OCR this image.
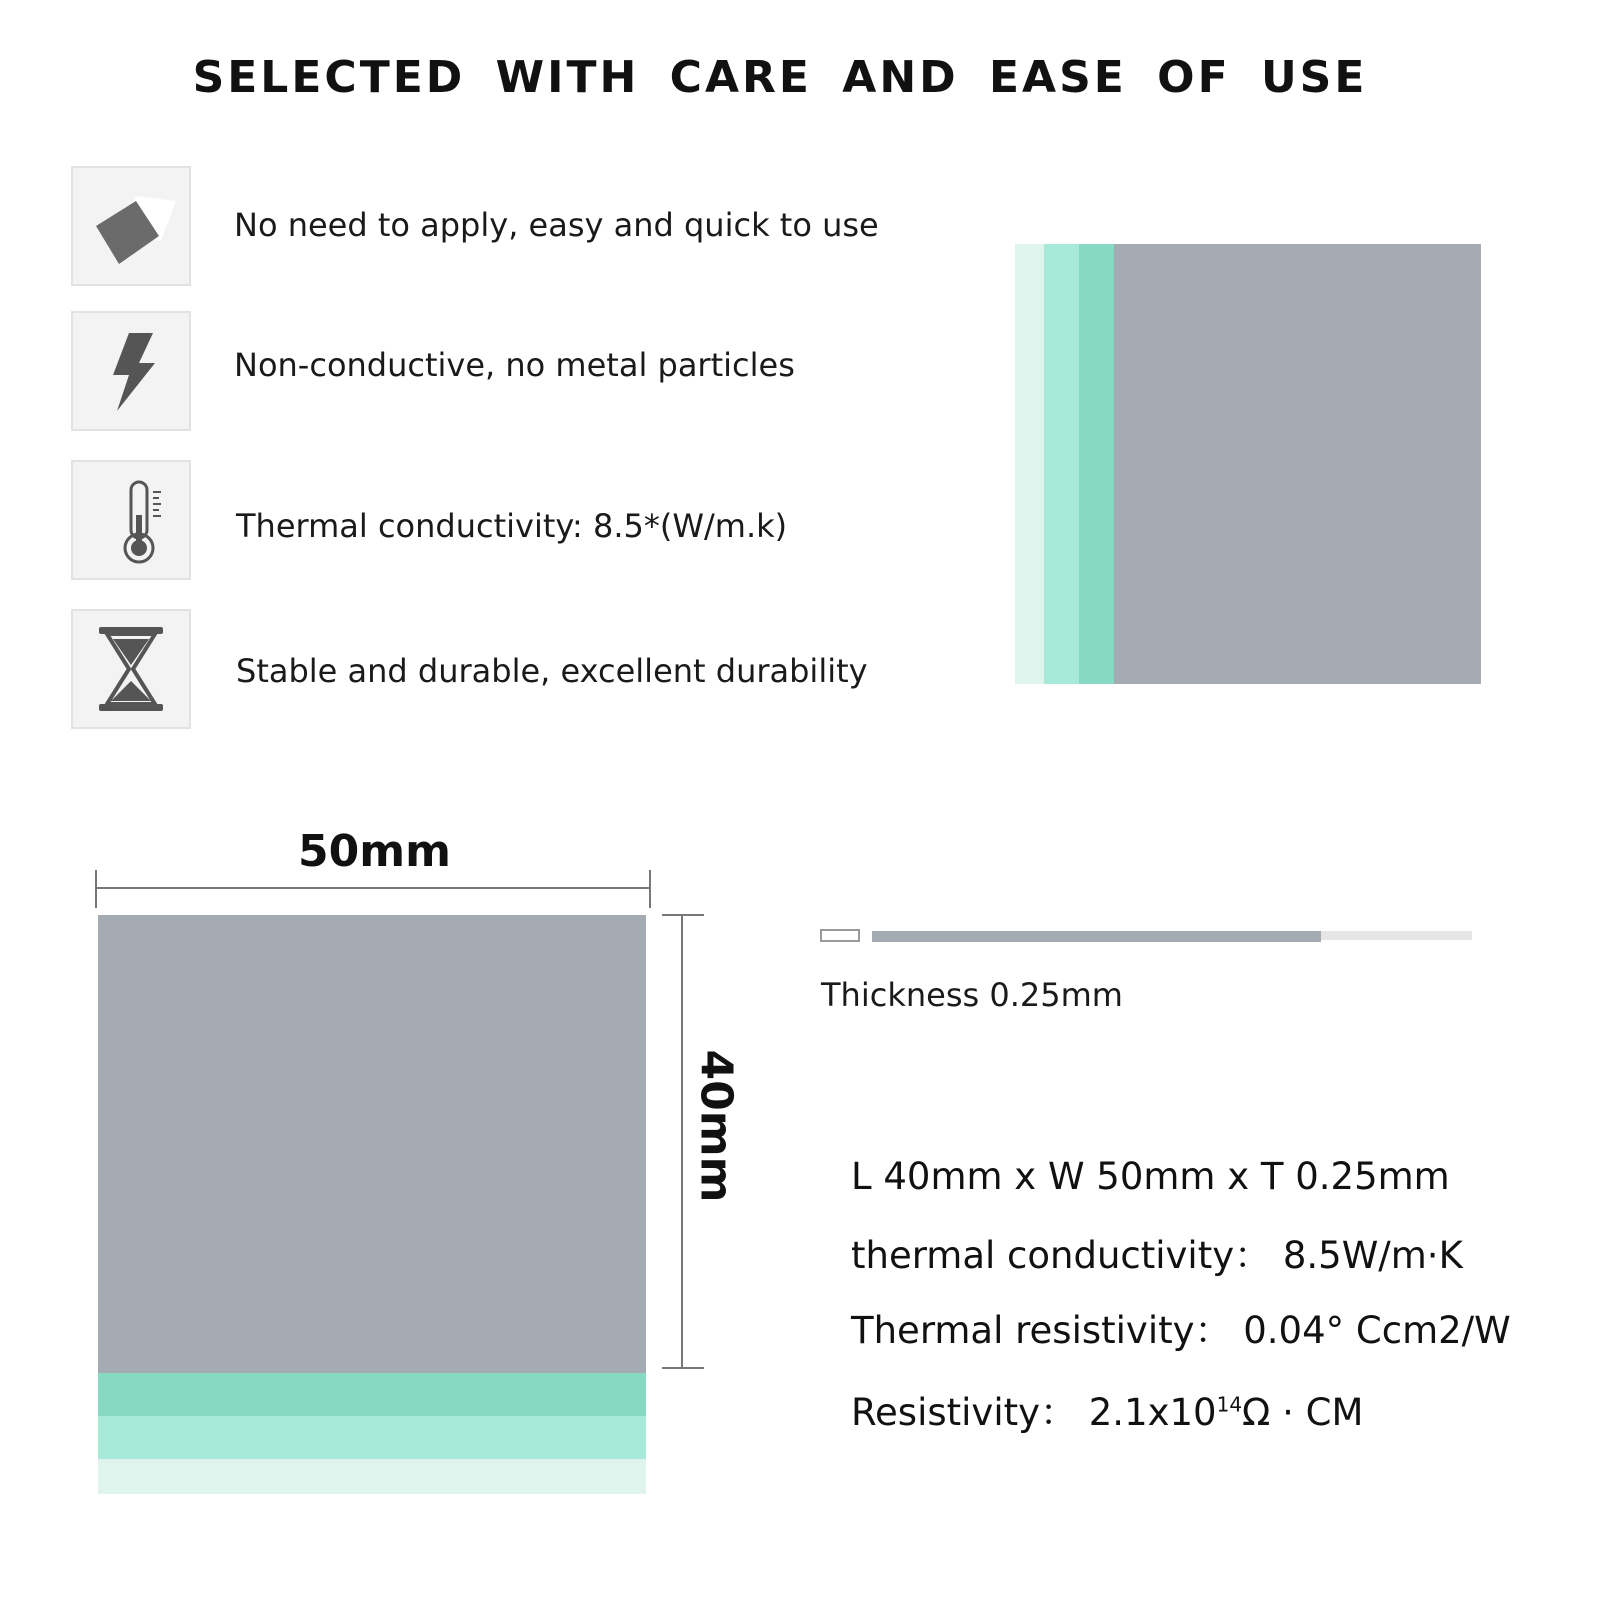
SELECTED WITH CARE AND EASE OF USE
No need to apply, easy and quick to use
Non-conductive, no metal particles
Thermal conductivity: 8.5*(W/m.k)
Stable and durable, excellent durability
50mm
40mm
Thickness 0.25mm
L 40mm x W 50mm x T 0.25mm
thermal conductivity： 8.5W/m·K
Thermal resistivity： 0.04° Ccm2/W
Resistivity： $2.1x10^{14}\Omega$ · CM
